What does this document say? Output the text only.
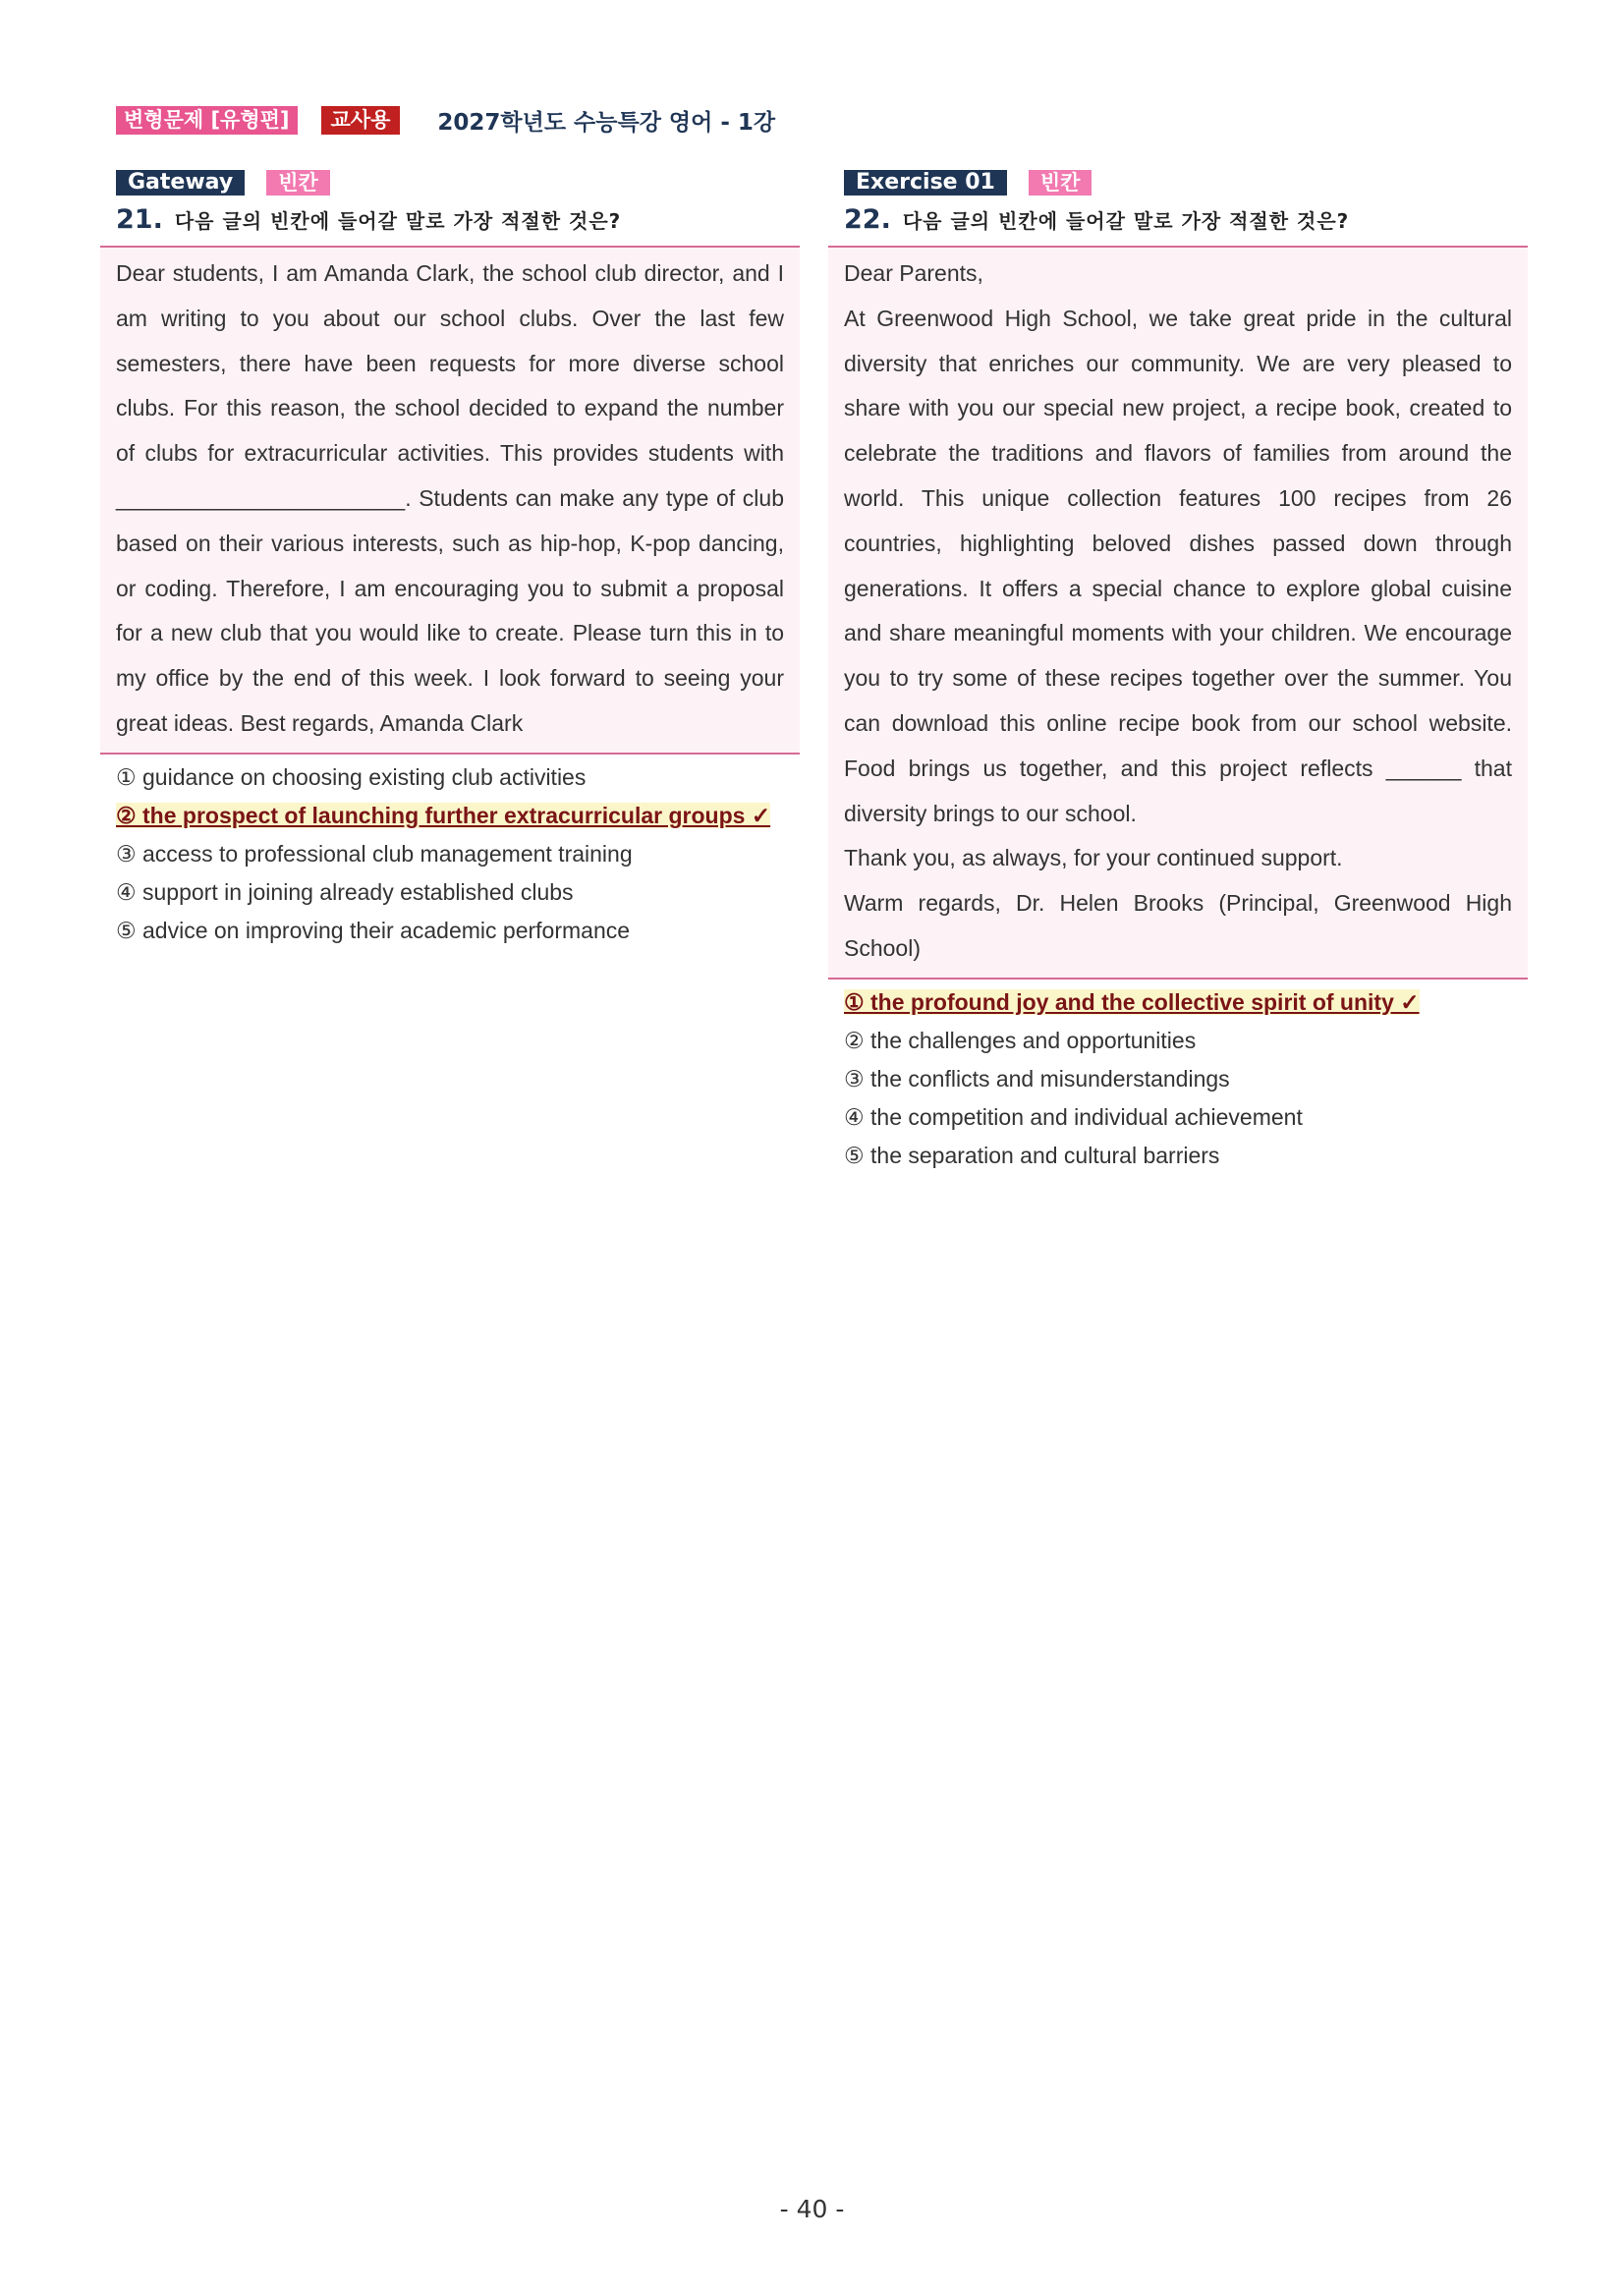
변형문제 [유형편]	교사용	2027학년도 수능특강 영어 - 1강
Gateway	빈칸
21. 다음 글의 빈칸에 들어갈 말로 가장 적절한 것은?

Dear students, I am Amanda Clark, the school club director, and I am writing to you about our school clubs. Over the last few semesters, there have been requests for more diverse school clubs. For this reason, the school decided to expand the number of clubs for extracurricular activities. This provides students with _______________________. Students can make any type of club based on their various interests, such as hip-hop, K-pop dancing, or coding. Therefore, I am encouraging you to submit a proposal for a new club that you would like to create. Please turn this in to my office by the end of this week. I look forward to seeing your great ideas. Best regards, Amanda Clark

① guidance on choosing existing club activities
② the prospect of launching further extracurricular groups ✓
③ access to professional club management training
④ support in joining already established clubs
⑤ advice on improving their academic performance
Exercise 01	빈칸
22. 다음 글의 빈칸에 들어갈 말로 가장 적절한 것은?

Dear Parents,

At Greenwood High School, we take great pride in the cultural diversity that enriches our community. We are very pleased to share with you our special new project, a recipe book, created to celebrate the traditions and flavors of families from around the world. This unique collection features 100 recipes from 26 countries, highlighting beloved dishes passed down through generations. It offers a special chance to explore global cuisine and share meaningful moments with your children. We encourage you to try some of these recipes together over the summer. You can download this online recipe book from our school website. Food brings us together, and this project reflects ______ that diversity brings to our school.

Thank you, as always, for your continued support.

Warm regards, Dr. Helen Brooks (Principal, Greenwood High School)

① the profound joy and the collective spirit of unity ✓
② the challenges and opportunities
③ the conflicts and misunderstandings
④ the competition and individual achievement
⑤ the separation and cultural barriers
- 40 -
